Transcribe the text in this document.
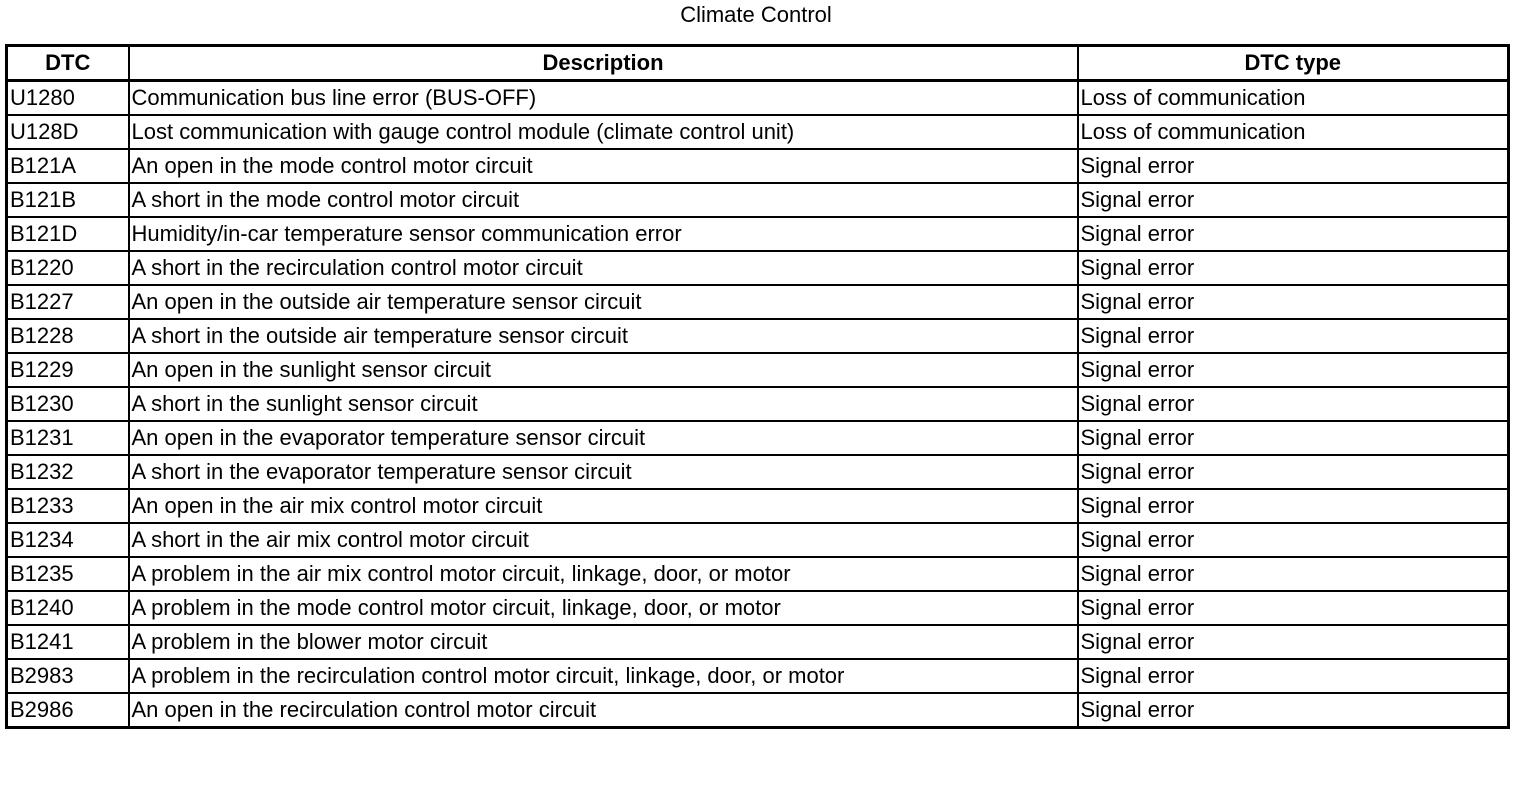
Climate Control
DTC	Description	DTC type
U1280	Communication bus line error (BUS-OFF)	Loss of communication
U128D	Lost communication with gauge control module (climate control unit)	Loss of communication
B121A	An open in the mode control motor circuit	Signal error
B121B	A short in the mode control motor circuit	Signal error
B121D	Humidity/in-car temperature sensor communication error	Signal error
B1220	A short in the recirculation control motor circuit	Signal error
B1227	An open in the outside air temperature sensor circuit	Signal error
B1228	A short in the outside air temperature sensor circuit	Signal error
B1229	An open in the sunlight sensor circuit	Signal error
B1230	A short in the sunlight sensor circuit	Signal error
B1231	An open in the evaporator temperature sensor circuit	Signal error
B1232	A short in the evaporator temperature sensor circuit	Signal error
B1233	An open in the air mix control motor circuit	Signal error
B1234	A short in the air mix control motor circuit	Signal error
B1235	A problem in the air mix control motor circuit, linkage, door, or motor	Signal error
B1240	A problem in the mode control motor circuit, linkage, door, or motor	Signal error
B1241	A problem in the blower motor circuit	Signal error
B2983	A problem in the recirculation control motor circuit, linkage, door, or motor	Signal error
B2986	An open in the recirculation control motor circuit	Signal error
